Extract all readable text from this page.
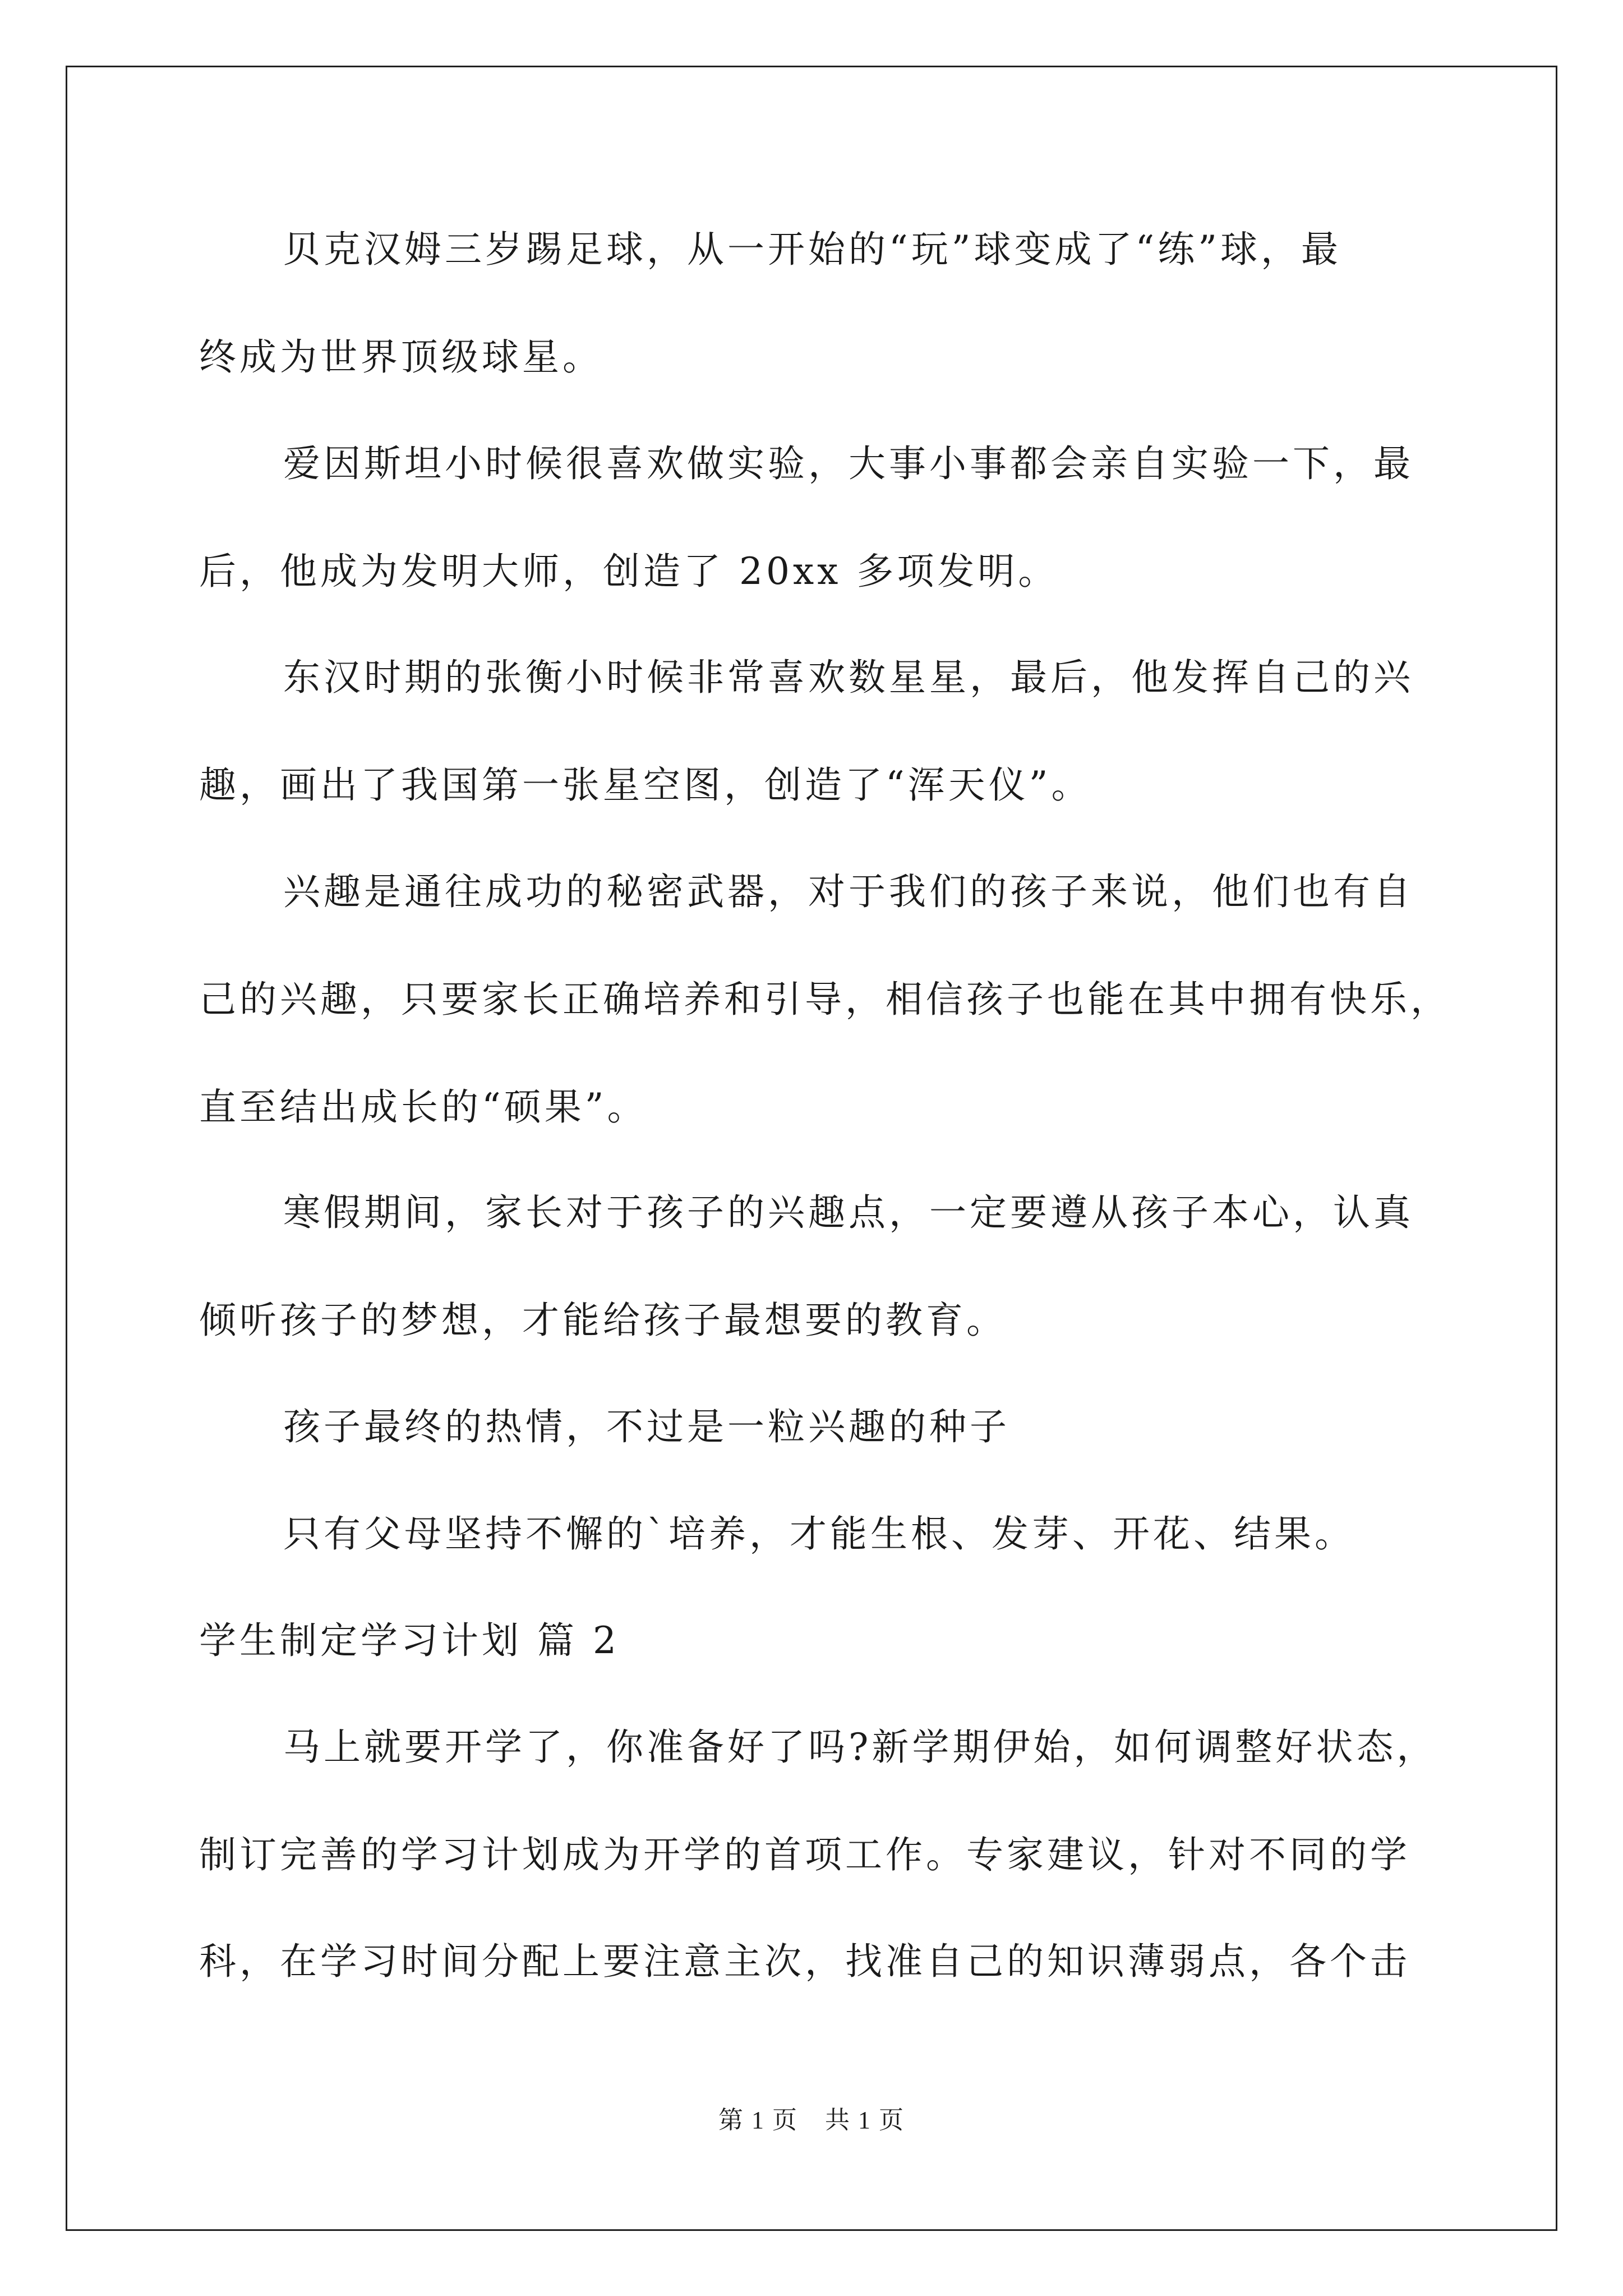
贝克汉姆三岁踢足球，从一开始的“玩”球变成了“练”球，最
终成为世界顶级球星。
爱因斯坦小时候很喜欢做实验，大事小事都会亲自实验一下，最
后，他成为发明大师，创造了 20xx 多项发明。
东汉时期的张衡小时候非常喜欢数星星，最后，他发挥自己的兴
趣，画出了我国第一张星空图，创造了“浑天仪”。
兴趣是通往成功的秘密武器，对于我们的孩子来说，他们也有自
己的兴趣，只要家长正确培养和引导，相信孩子也能在其中拥有快乐，
直至结出成长的“硕果”。
寒假期间，家长对于孩子的兴趣点，一定要遵从孩子本心，认真
倾听孩子的梦想，才能给孩子最想要的教育。
孩子最终的热情，不过是一粒兴趣的种子
只有父母坚持不懈的`培养，才能生根、发芽、开花、结果。
学生制定学习计划 篇 2
马上就要开学了，你准备好了吗?新学期伊始，如何调整好状态，
制订完善的学习计划成为开学的首项工作。专家建议，针对不同的学
科，在学习时间分配上要注意主次，找准自己的知识薄弱点，各个击
第 1 页 共 1 页
